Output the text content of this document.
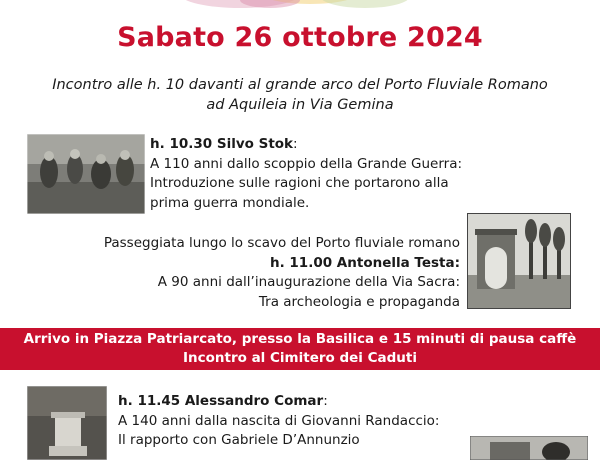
Sabato 26 ottobre 2024
Incontro alle h. 10 davanti al grande arco del Porto Fluviale Romano
ad Aquileia in Via Gemina

h. 10.30 Silvo Stok:

A 110 anni dallo scoppio della Grande Guerra:

Introduzione sulle ragioni che portarono alla

prima guerra mondiale.

Passeggiata lungo lo scavo del Porto fluviale romano

h. 11.00 Antonella Testa:

A 90 anni dall’inaugurazione della Via Sacra:

Tra archeologia e propaganda

Arrivo in Piazza Patriarcato, presso la Basilica e 15 minuti di pausa caffè
Incontro al Cimitero dei Caduti

h. 11.45 Alessandro Comar:

A 140 anni dalla nascita di Giovanni Randaccio:

Il rapporto con Gabriele D’Annunzio
